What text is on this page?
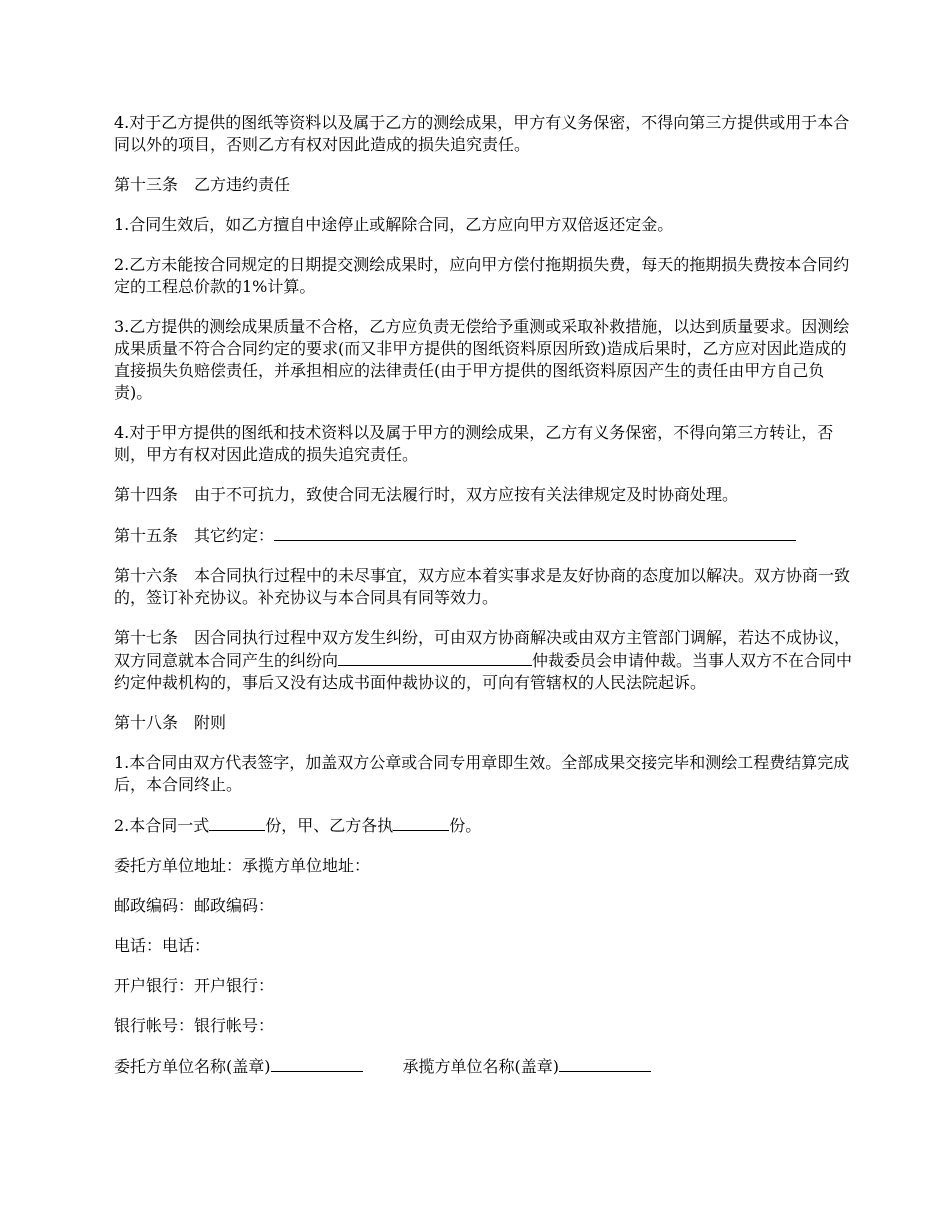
4.对于乙方提供的图纸等资料以及属于乙方的测绘成果，甲方有义务保密，不得向第三方提供或用于本合同以外的项目，否则乙方有权对因此造成的损失追究责任。

第十三条　乙方违约责任

1.合同生效后，如乙方擅自中途停止或解除合同，乙方应向甲方双倍返还定金。

2.乙方未能按合同规定的日期提交测绘成果时，应向甲方偿付拖期损失费，每天的拖期损失费按本合同约定的工程总价款的1%计算。

3.乙方提供的测绘成果质量不合格，乙方应负责无偿给予重测或采取补救措施，以达到质量要求。因测绘成果质量不符合合同约定的要求(而又非甲方提供的图纸资料原因所致)造成后果时，乙方应对因此造成的直接损失负赔偿责任，并承担相应的法律责任(由于甲方提供的图纸资料原因产生的责任由甲方自己负责)。

4.对于甲方提供的图纸和技术资料以及属于甲方的测绘成果，乙方有义务保密，不得向第三方转让，否则，甲方有权对因此造成的损失追究责任。

第十四条　由于不可抗力，致使合同无法履行时，双方应按有关法律规定及时协商处理。

第十五条　其它约定：

第十六条　本合同执行过程中的未尽事宜，双方应本着实事求是友好协商的态度加以解决。双方协商一致的，签订补充协议。补充协议与本合同具有同等效力。

第十七条　因合同执行过程中双方发生纠纷，可由双方协商解决或由双方主管部门调解，若达不成协议，双方同意就本合同产生的纠纷向	仲裁委员会申请仲裁。当事人双方不在合同中约定仲裁机构的，事后又没有达成书面仲裁协议的，可向有管辖权的人民法院起诉。

第十八条　附则

1.本合同由双方代表签字，加盖双方公章或合同专用章即生效。全部成果交接完毕和测绘工程费结算完成后，本合同终止。

2.本合同一式	份，甲、乙方各执	份。

委托方单位地址：承揽方单位地址：

邮政编码：邮政编码：

电话：电话：

开户银行：开户银行：

银行帐号：银行帐号：

委托方单位名称(盖章)	承揽方单位名称(盖章)
